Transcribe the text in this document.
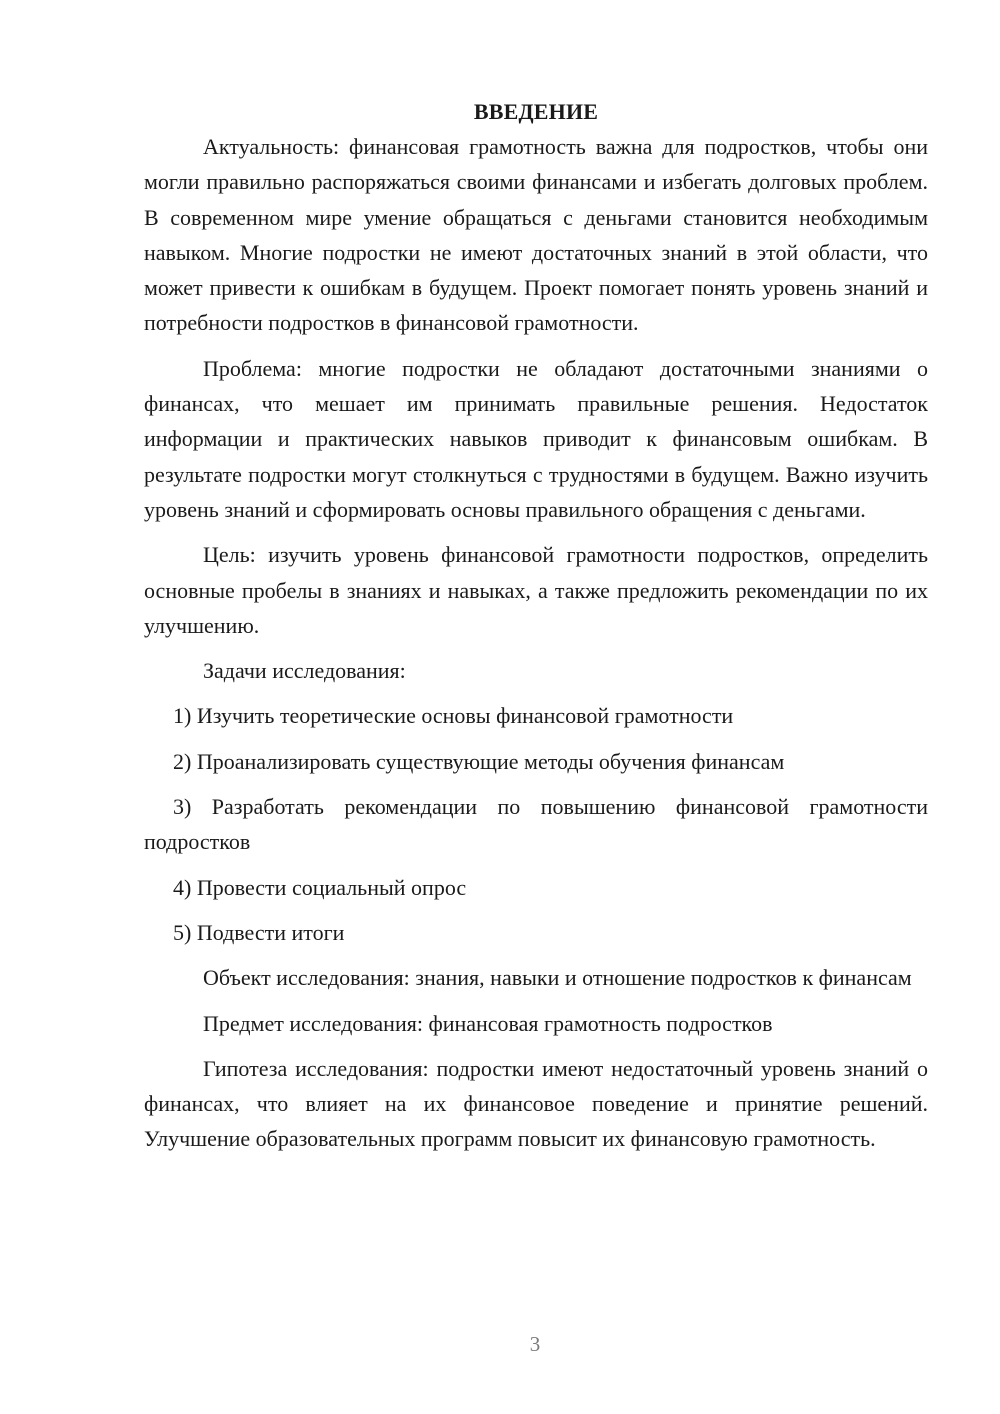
ВВЕДЕНИЕ

Актуальность: финансовая грамотность важна для подростков, чтобы они могли правильно распоряжаться своими финансами и избегать долговых проблем. В современном мире умение обращаться с деньгами становится необходимым навыком. Многие подростки не имеют достаточных знаний в этой области, что может привести к ошибкам в будущем. Проект помогает понять уровень знаний и потребности подростков в финансовой грамотности.

Проблема: многие подростки не обладают достаточными знаниями о финансах, что мешает им принимать правильные решения. Недостаток информации и практических навыков приводит к финансовым ошибкам. В результате подростки могут столкнуться с трудностями в будущем. Важно изучить уровень знаний и сформировать основы правильного обращения с деньгами.

Цель: изучить уровень финансовой грамотности подростков, определить основные пробелы в знаниях и навыках, а также предложить рекомендации по их улучшению.

Задачи исследования:

1) Изучить теоретические основы финансовой грамотности

2) Проанализировать существующие методы обучения финансам

3) Разработать рекомендации по повышению финансовой грамотности подростков

4) Провести социальный опрос

5) Подвести итоги

Объект исследования: знания, навыки и отношение подростков к финансам

Предмет исследования: финансовая грамотность подростков

Гипотеза исследования: подростки имеют недостаточный уровень знаний о финансах, что влияет на их финансовое поведение и принятие решений. Улучшение образовательных программ повысит их финансовую грамотность.

3
